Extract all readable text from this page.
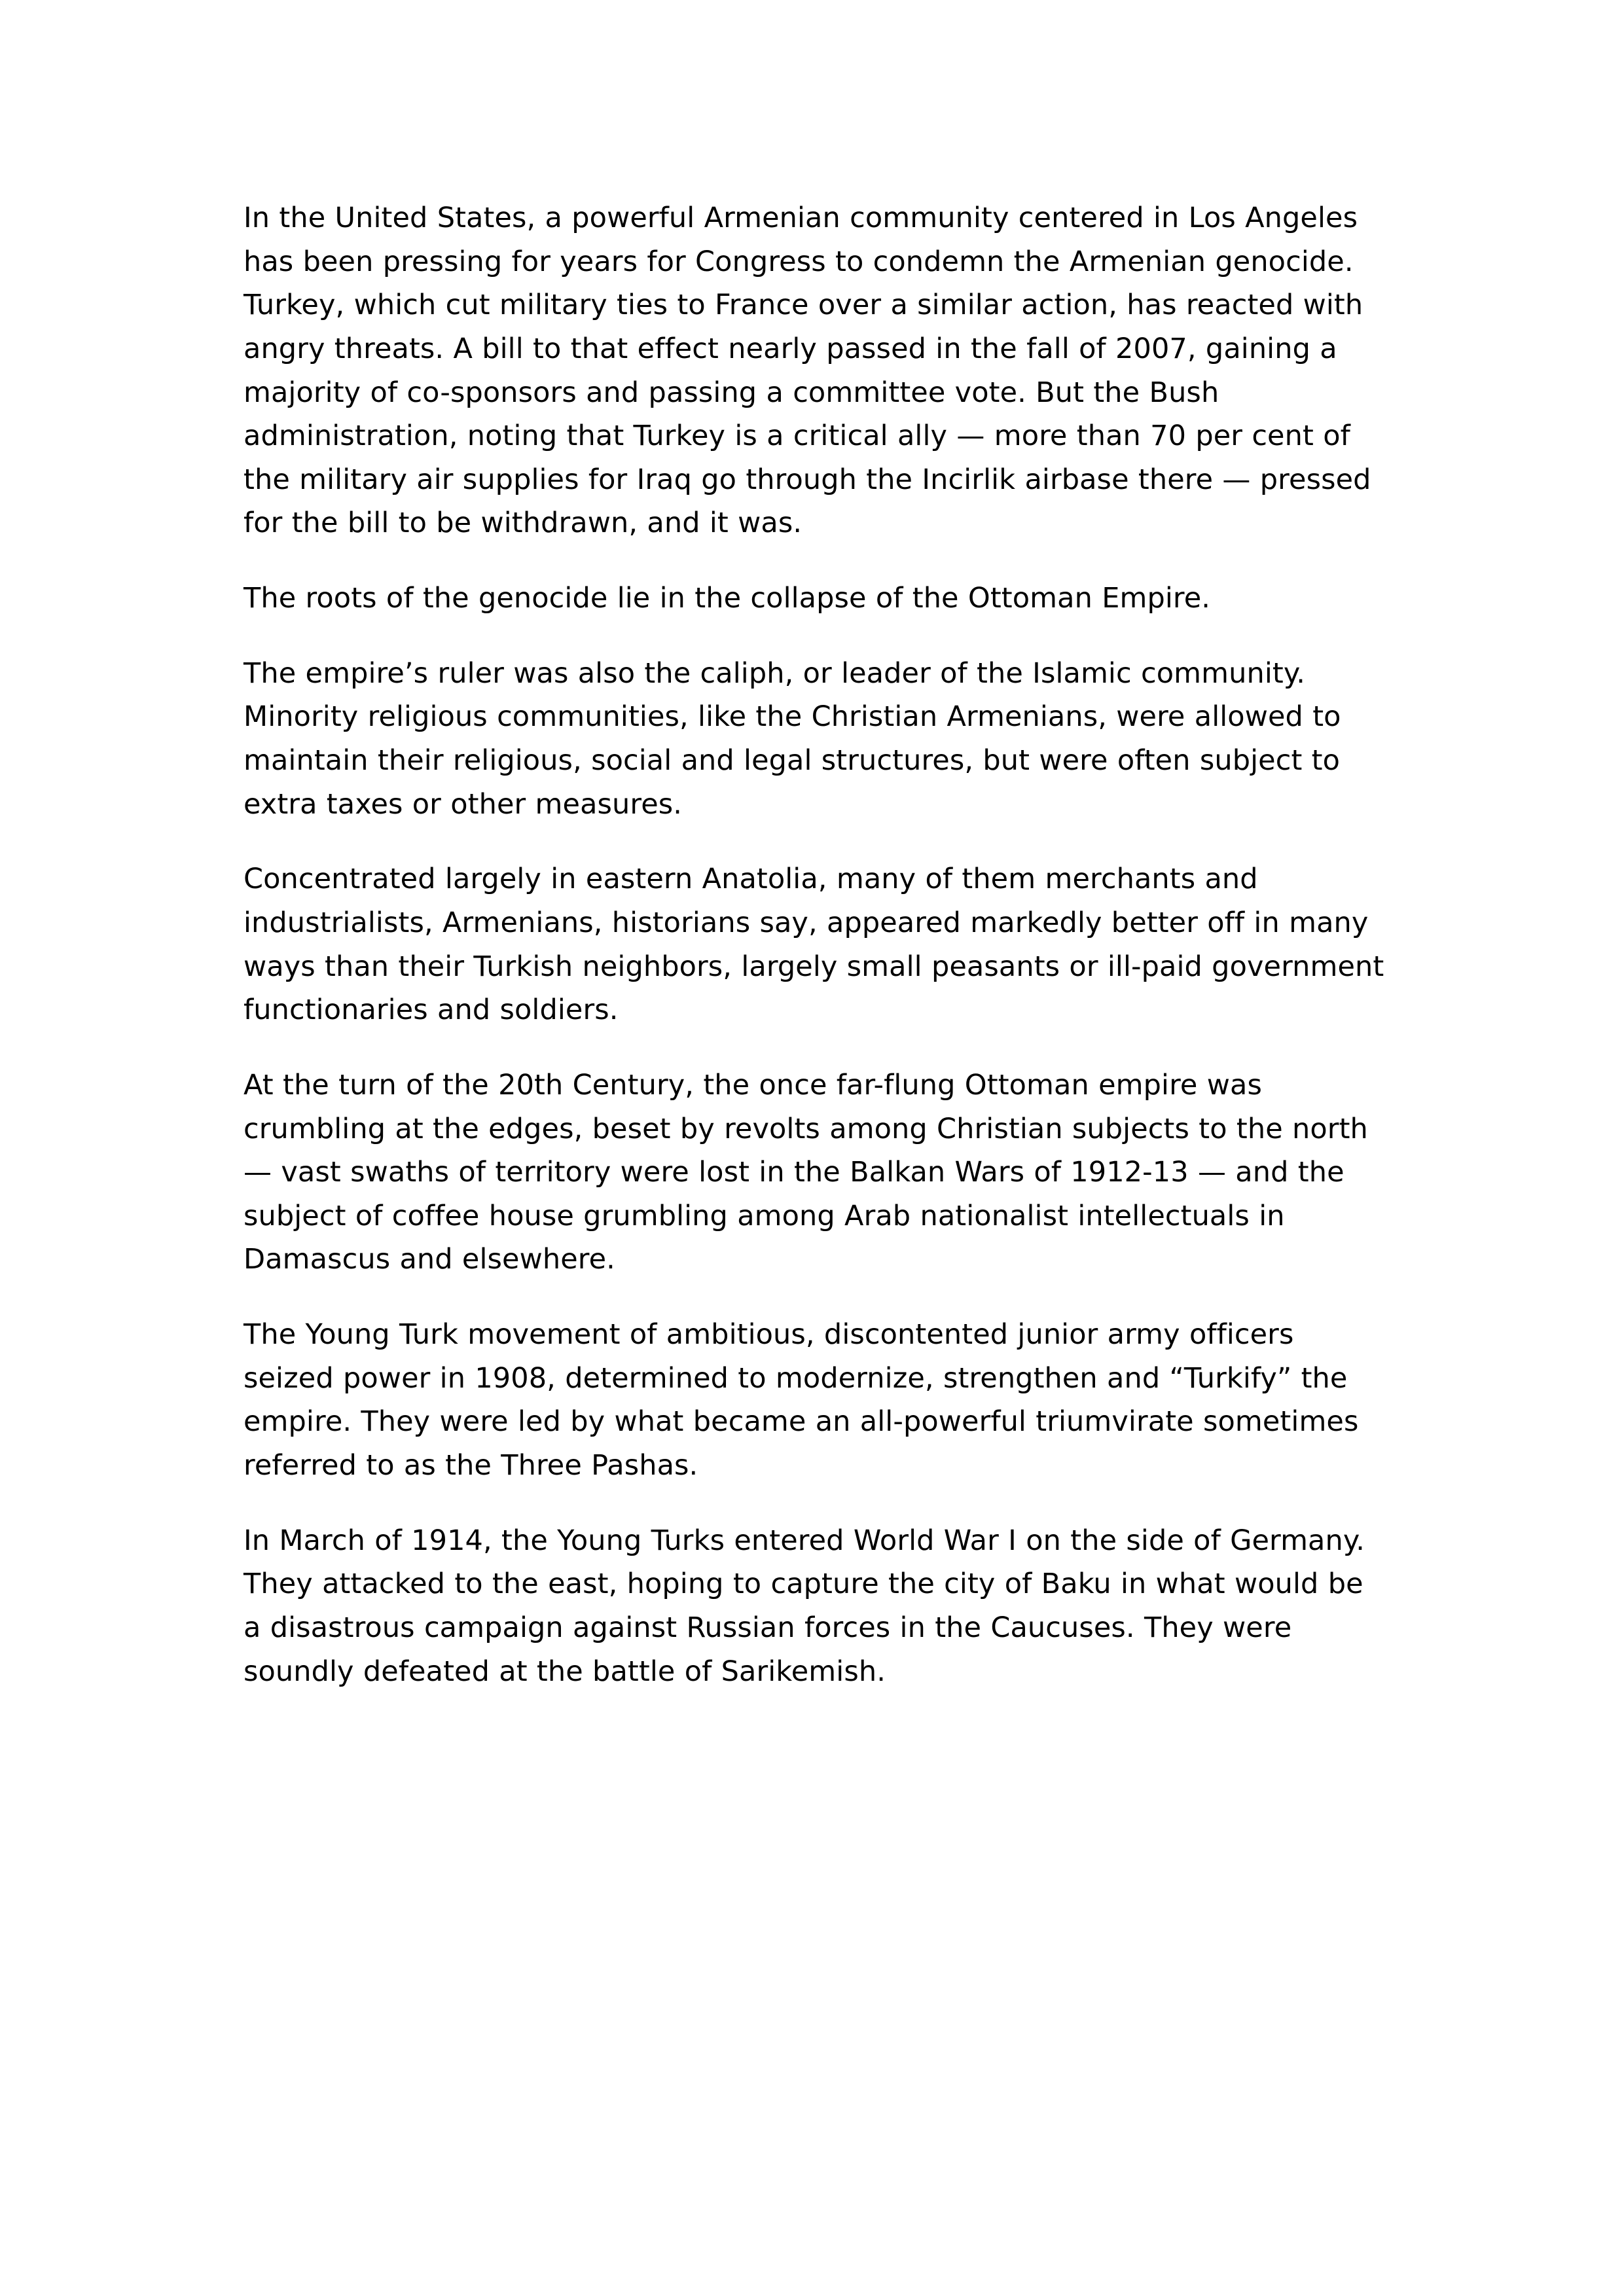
In the United States, a powerful Armenian community centered in Los Angeles has been pressing for years for Congress to condemn the Armenian genocide. Turkey, which cut military ties to France over a similar action, has reacted with angry threats. A bill to that effect nearly passed in the fall of 2007, gaining a majority of co-sponsors and passing a committee vote. But the Bush administration, noting that Turkey is a critical ally — more than 70 per cent of the military air supplies for Iraq go through the Incirlik airbase there — pressed for the bill to be withdrawn, and it was.

The roots of the genocide lie in the collapse of the Ottoman Empire.

The empire’s ruler was also the caliph, or leader of the Islamic community. Minority religious communities, like the Christian Armenians, were allowed to maintain their religious, social and legal structures, but were often subject to extra taxes or other measures.

Concentrated largely in eastern Anatolia, many of them merchants and industrialists, Armenians, historians say, appeared markedly better off in many ways than their Turkish neighbors, largely small peasants or ill-paid government functionaries and soldiers.

At the turn of the 20th Century, the once far-flung Ottoman empire was crumbling at the edges, beset by revolts among Christian subjects to the north — vast swaths of territory were lost in the Balkan Wars of 1912-13 — and the subject of coffee house grumbling among Arab nationalist intellectuals in Damascus and elsewhere.

The Young Turk movement of ambitious, discontented junior army officers seized power in 1908, determined to modernize, strengthen and “Turkify” the empire. They were led by what became an all-powerful triumvirate sometimes referred to as the Three Pashas.

In March of 1914, the Young Turks entered World War I on the side of Germany. They attacked to the east, hoping to capture the city of Baku in what would be a disastrous campaign against Russian forces in the Caucuses. They were soundly defeated at the battle of Sarikemish.
